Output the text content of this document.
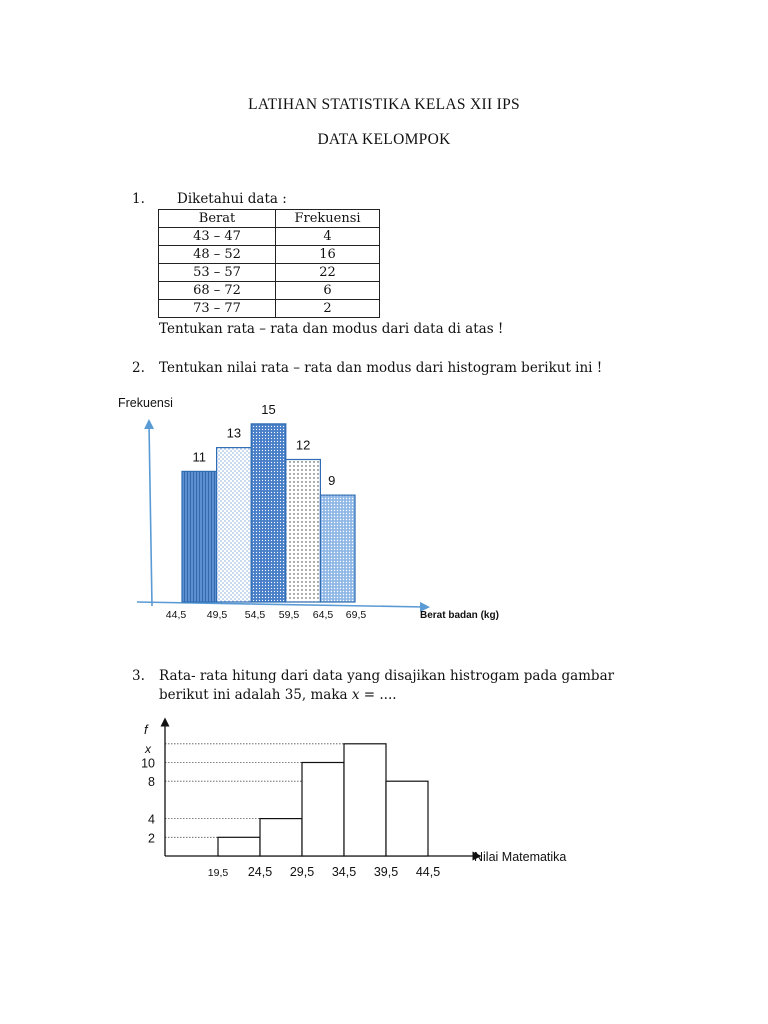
LATIHAN STATISTIKA KELAS XII IPS
DATA KELOMPOK
1. Diketahui data :
Berat	Frekuensi
43 – 47	4
48 – 52	16
53 – 57	22
68 – 72	6
73 – 77	2
Tentukan rata – rata dan modus dari data di atas !
2. Tentukan nilai rata – rata dan modus dari histogram berikut ini !
Frekuensi
11
13
15
12
9
44,5 49,5 54,5 59,5 64,5 69,5	Berat badan (kg)
3. Rata- rata hitung dari data yang disajikan histrogam pada gambar
berikut ini adalah 35, maka x = ....
2
4
8
10
x
19,5 24,5 29,5 34,5 39,5 44,5
f
Nilai Matematika
